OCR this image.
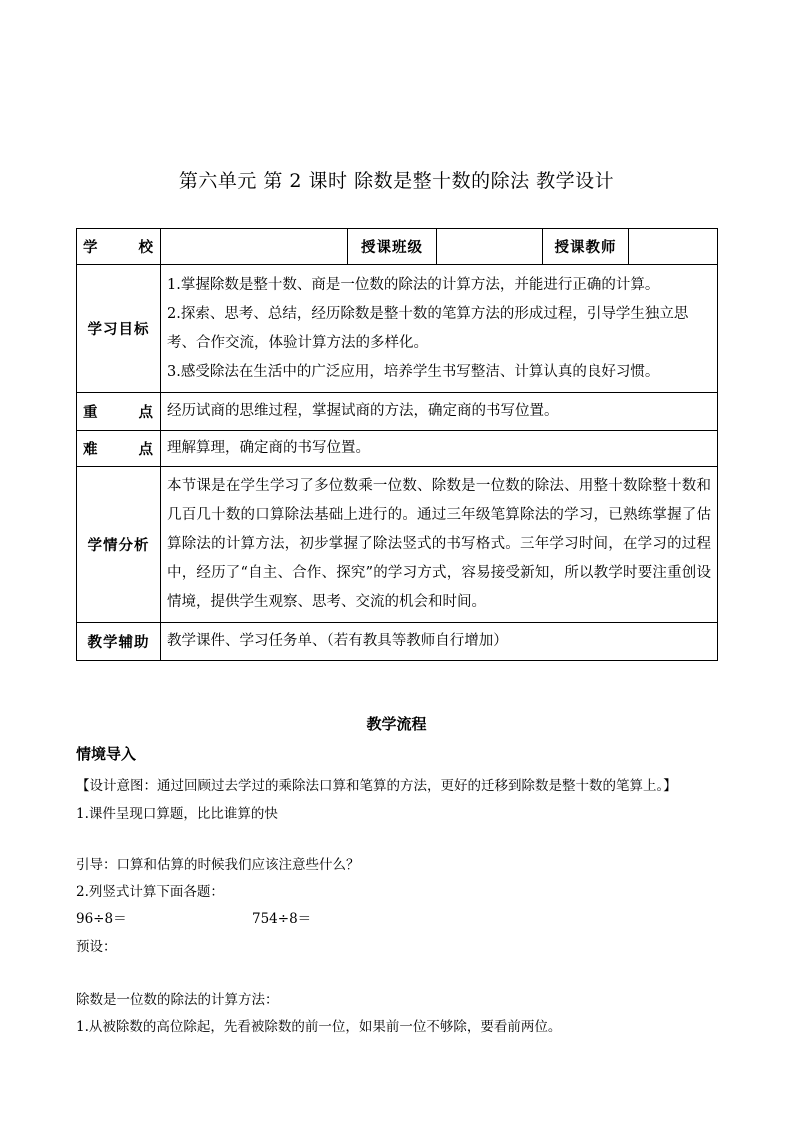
第六单元 第 2 课时 除数是整十数的除法 教学设计
学　　校		授课班级		授课教师	
学习目标	1.掌握除数是整十数、商是一位数的除法的计算方法，并能进行正确的计算。

2.探索、思考、总结，经历除数是整十数的笔算方法的形成过程，引导学生独立思考、合作交流，体验计算方法的多样化。

3.感受除法在生活中的广泛应用，培养学生书写整洁、计算认真的良好习惯。				

重　　点	经历试商的思维过程，掌握试商的方法，确定商的书写位置。				
难　　点	理解算理，确定商的书写位置。				
学情分析	本节课是在学生学习了多位数乘一位数、除数是一位数的除法、用整十数除整十数和几百几十数的口算除法基础上进行的。通过三年级笔算除法的学习，已熟练掌握了估算除法的计算方法，初步掌握了除法竖式的书写格式。三年学习时间，在学习的过程中，经历了“自主、合作、探究”的学习方式，容易接受新知，所以教学时要注重创设情境，提供学生观察、思考、交流的机会和时间。				
教学辅助	教学课件、学习任务单、（若有教具等教师自行增加）				
教学流程
情境导入
【设计意图：通过回顾过去学过的乘除法口算和笔算的方法，更好的迁移到除数是整十数的笔算上。】
1.课件呈现口算题，比比谁算的快
引导：口算和估算的时候我们应该注意些什么？
2.列竖式计算下面各题：
96÷8＝	754÷8＝
预设：
除数是一位数的除法的计算方法：
1.从被除数的高位除起，先看被除数的前一位，如果前一位不够除，要看前两位。
